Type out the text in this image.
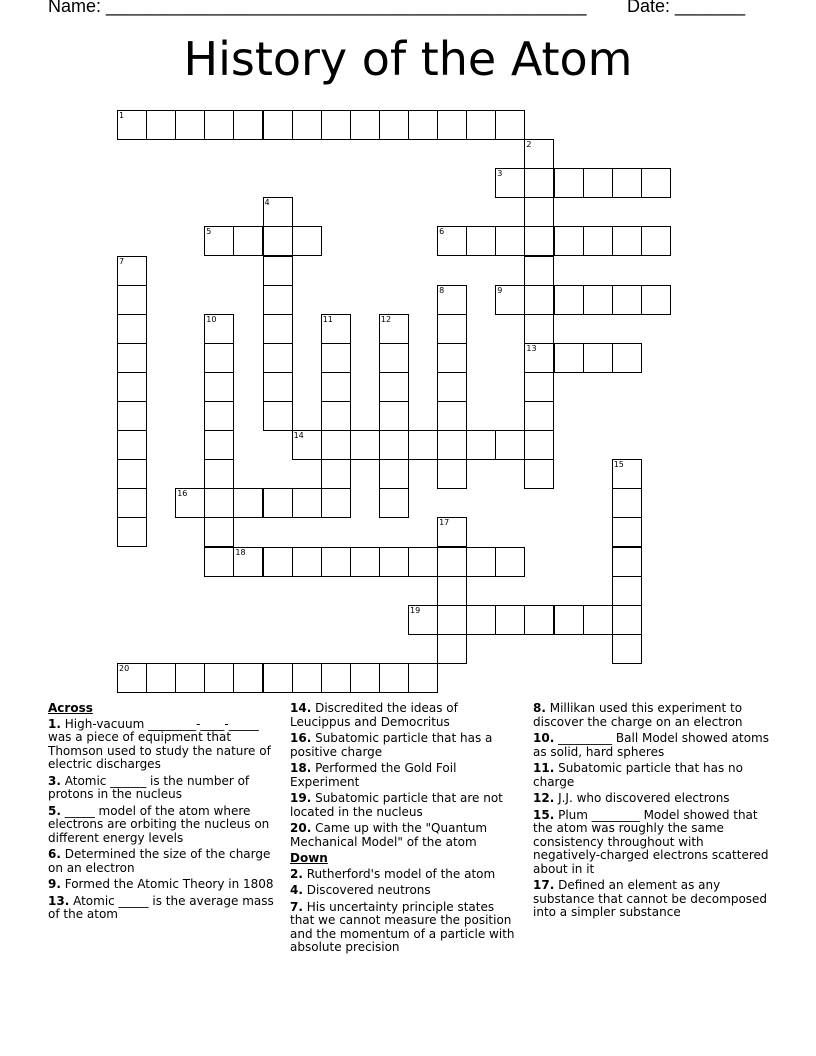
Name: ________________________________________________ Date: _______
History of the Atom
1
2
13
3
4
5	6
7
8	9
10	11	12
14
15
16
17
18
19
20
Across
1. High-vacuum ________-____-_____ was a piece of equipment that Thomson used to study the nature of electric discharges
3. Atomic ______ is the number of protons in the nucleus
5. _____ model of the atom where electrons are orbiting the nucleus on different energy levels
6. Determined the size of the charge on an electron
9. Formed the Atomic Theory in 1808
13. Atomic _____ is the average mass of the atom
14. Discredited the ideas of Leucippus and Democritus
16. Subatomic particle that has a positive charge
18. Performed the Gold Foil Experiment
19. Subatomic particle that are not located in the nucleus
20. Came up with the "Quantum Mechanical Model" of the atom
Down
2. Rutherford's model of the atom
4. Discovered neutrons
7. His uncertainty principle states that we cannot measure the position and the momentum of a particle with absolute precision
8. Millikan used this experiment to discover the charge on an electron
10. _________ Ball Model showed atoms as solid, hard spheres
11. Subatomic particle that has no charge
12. J.J. who discovered electrons
15. Plum ________ Model showed that the atom was roughly the same consistency throughout with negatively-charged electrons scattered about in it
17. Defined an element as any substance that cannot be decomposed into a simpler substance
